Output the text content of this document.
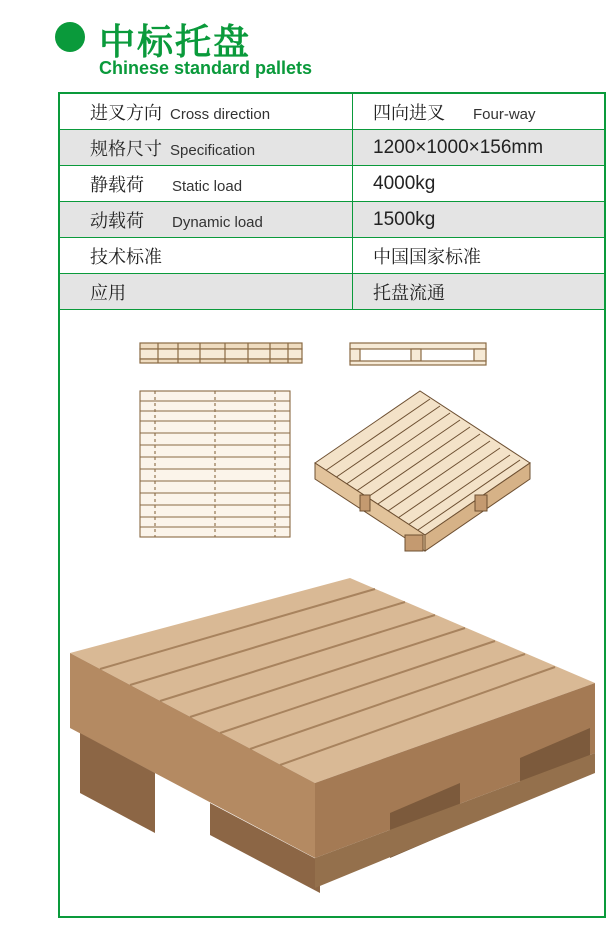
中标托盘
Chinese standard pallets
进叉方向 Cross direction	四向进叉 Four-way
规格尺寸 Specification	1200×1000×156mm
静载荷 Static load	4000kg
动载荷 Dynamic load	1500kg
技术标准	中国国家标准
应用	托盘流通
